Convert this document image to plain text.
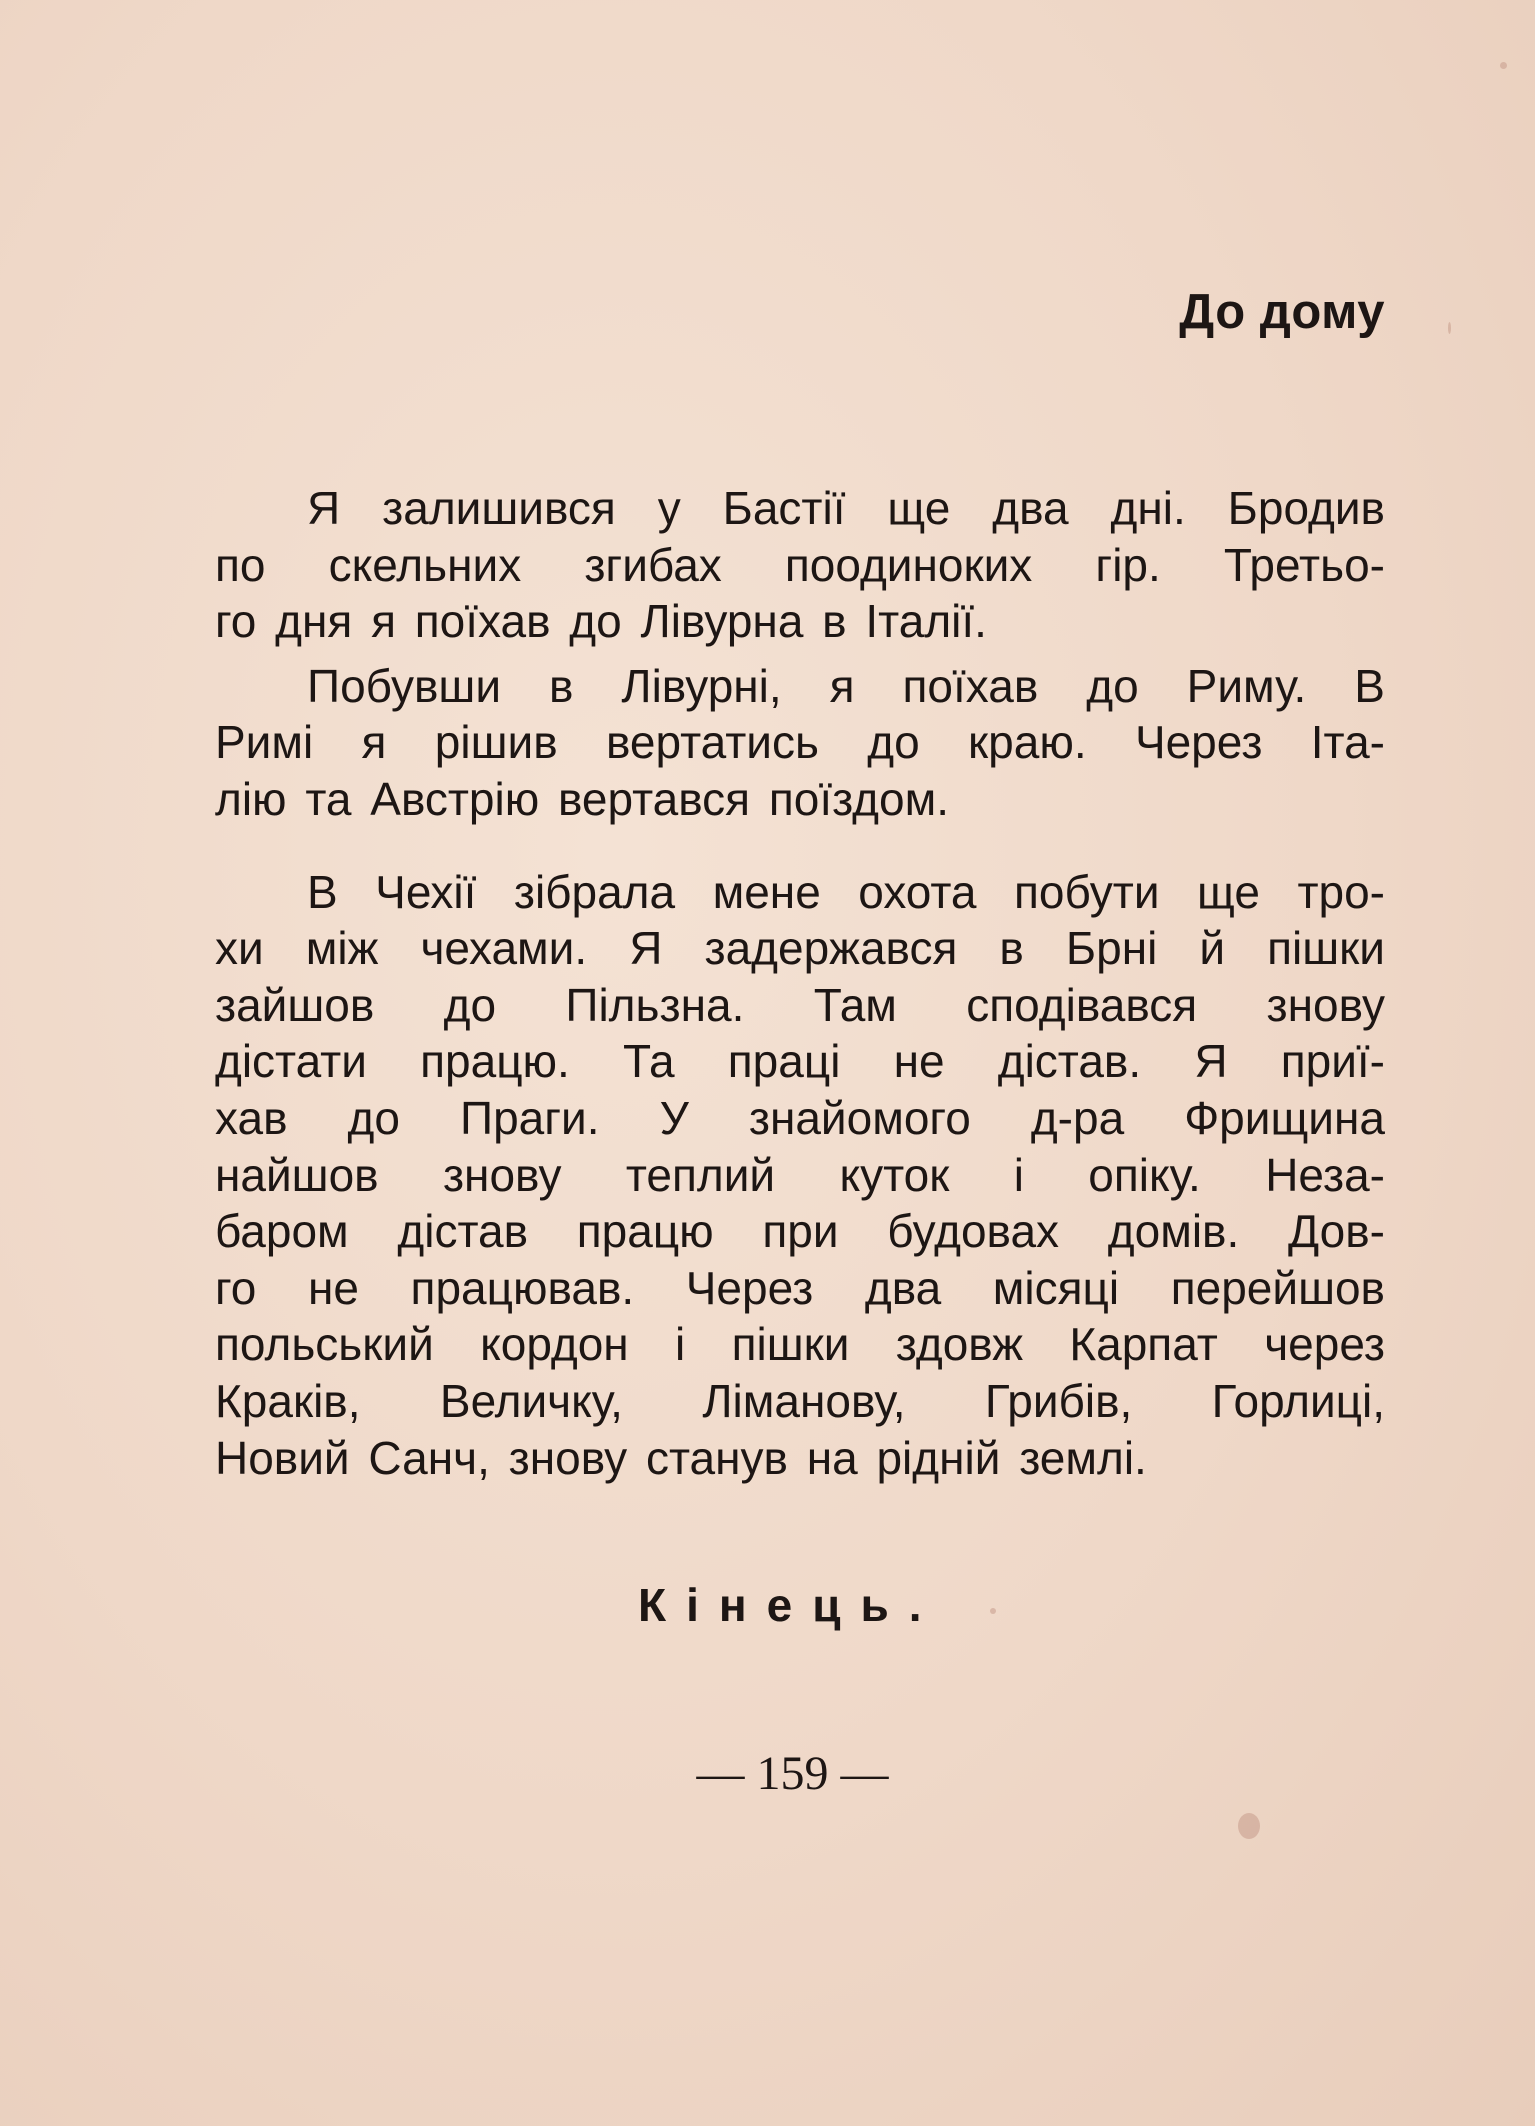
До дому

Я залишився у Бастії ще два дні. Бродив
по скельних згибах поодиноких гір. Третьо-
го дня я поїхав до Лівурна в Італії.

Побувши в Лівурні, я поїхав до Риму. В
Римі я рішив вертатись до краю. Через Іта-
лію та Австрію вертався поїздом.

В Чехії зібрала мене охота побути ще тро-
хи між чехами. Я задержався в Брні й пішки
зайшов до Пільзна. Там сподівався знову
дістати працю. Та праці не дістав. Я приї-
хав до Праги. У знайомого д-ра Фрищина
найшов знову теплий куток і опіку. Неза-
баром дістав працю при будовах домів. Дов-
го не працював. Через два місяці перейшов
польський кордон і пішки здовж Карпат через
Краків, Величку, Ліманову, Грибів, Горлиці,
Новий Санч, знову станув на рідній землі.

Кінець.

— 159 —
